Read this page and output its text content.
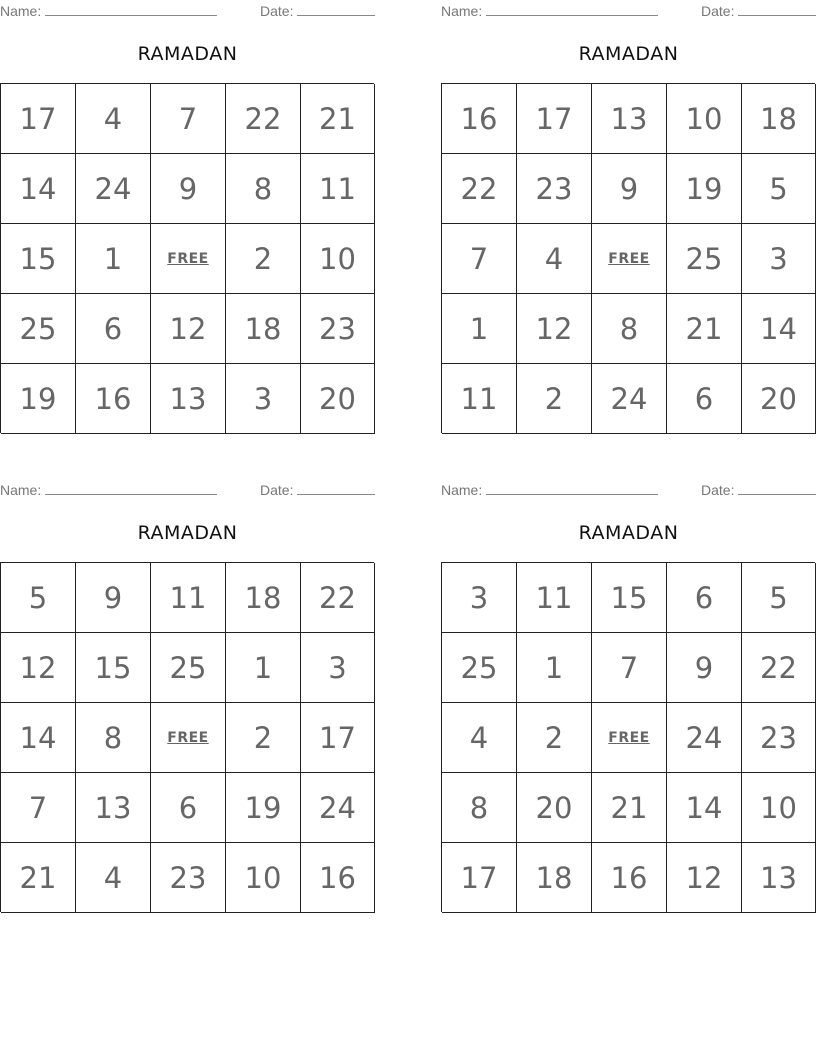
Name:	Date:
RAMADAN
17	4	7	22	21
14	24	9	8	11
15	1	FREE	2	10
25	6	12	18	23
19	16	13	3	20
Name:	Date:
RAMADAN
16	17	13	10	18
22	23	9	19	5
7	4	FREE	25	3
1	12	8	21	14
11	2	24	6	20
Name:	Date:
RAMADAN
5	9	11	18	22
12	15	25	1	3
14	8	FREE	2	17
7	13	6	19	24
21	4	23	10	16
Name:	Date:
RAMADAN
3	11	15	6	5
25	1	7	9	22
4	2	FREE	24	23
8	20	21	14	10
17	18	16	12	13
